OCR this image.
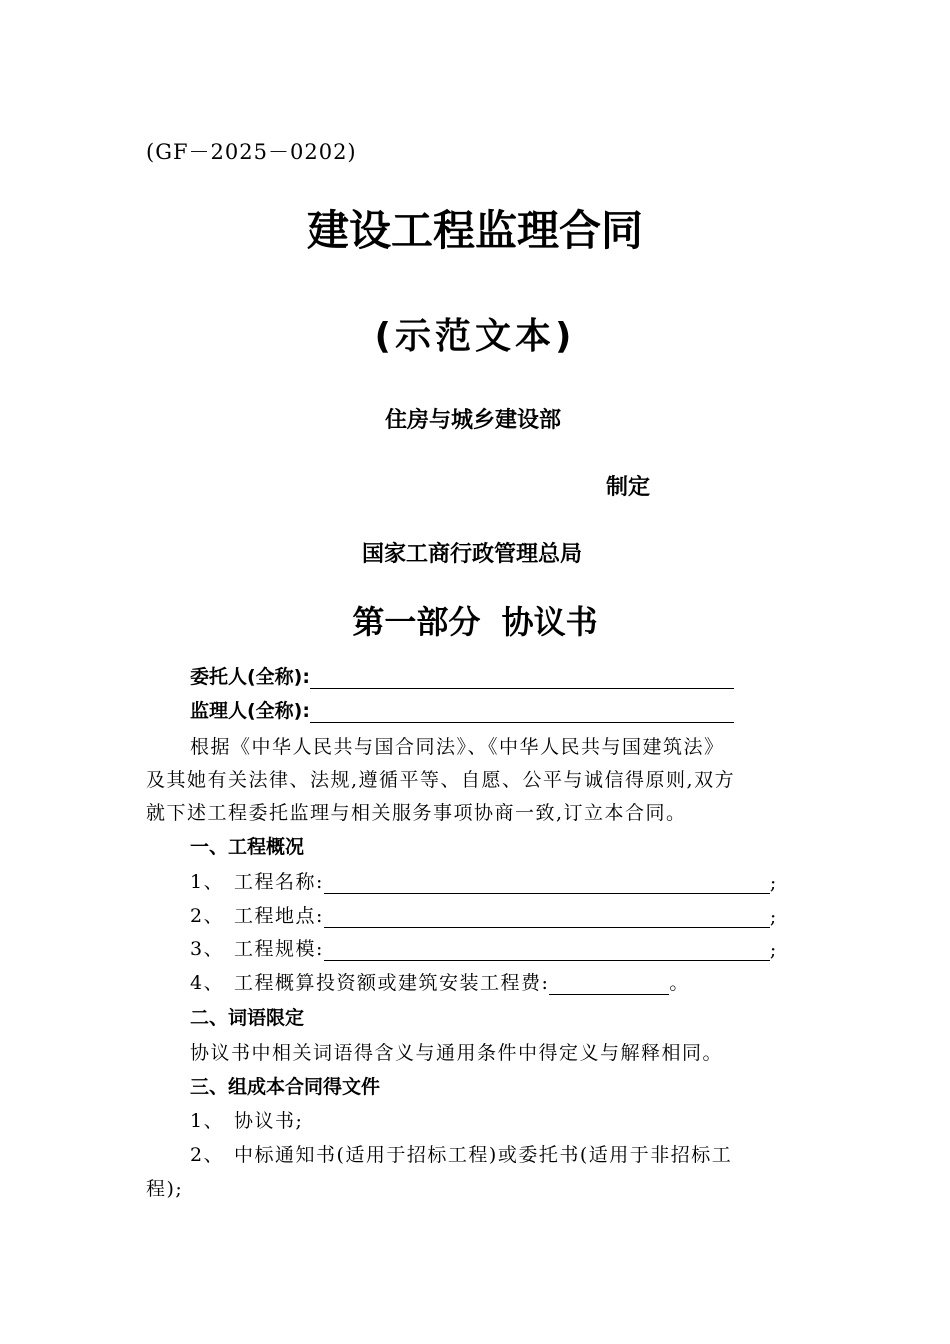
(GF－2025－0202)
建设工程监理合同
(示范文本)
住房与城乡建设部
制定
国家工商行政管理总局
第一部分 协议书
委托人(全称):
监理人(全称):
根据《中华人民共与国合同法》、《中华人民共与国建筑法》
及其她有关法律、法规,遵循平等、自愿、公平与诚信得原则,双方
就下述工程委托监理与相关服务事项协商一致,订立本合同。
一、工程概况
1、 工程名称:	;
2、 工程地点:	;
3、 工程规模:	;
4、 工程概算投资额或建筑安装工程费:	。
二、词语限定
协议书中相关词语得含义与通用条件中得定义与解释相同。
三、组成本合同得文件
1、 协议书;
2、 中标通知书(适用于招标工程)或委托书(适用于非招标工
程);
